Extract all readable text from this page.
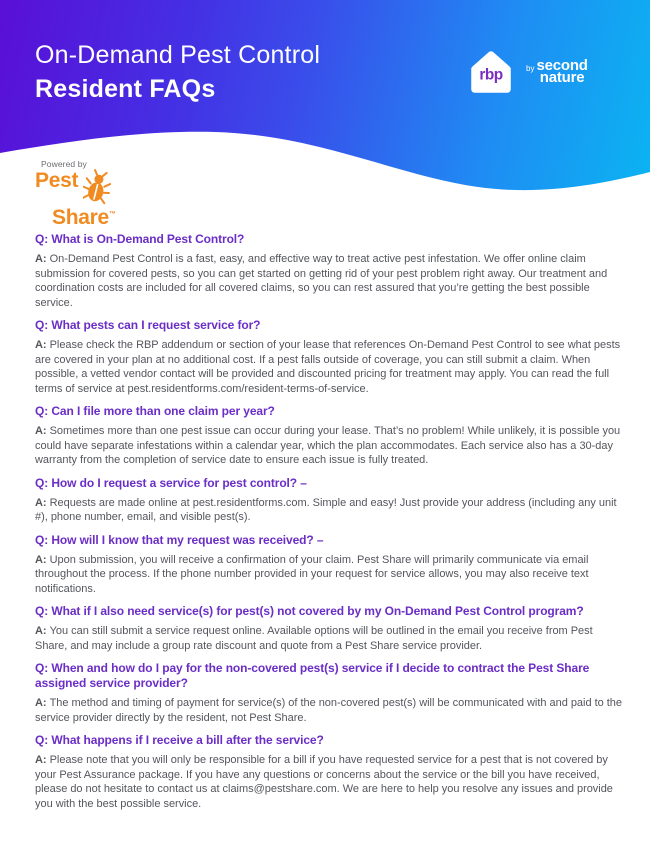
On-Demand Pest Control
Resident FAQs	rbp	by second
nature

Powered by

Pest

Share™

Q: What is On-Demand Pest Control?

A: On-Demand Pest Control is a fast, easy, and effective way to treat active pest infestation. We offer online claim submission for covered pests, so you can get started on getting rid of your pest problem right away. Our treatment and coordination costs are included for all covered claims, so you can rest assured that you’re getting the best possible service.

Q: What pests can I request service for?

A: Please check the RBP addendum or section of your lease that references On-Demand Pest Control to see what pests are covered in your plan at no additional cost. If a pest falls outside of coverage, you can still submit a claim. When possible, a vetted vendor contact will be provided and discounted pricing for treatment may apply. You can read the full terms of service at pest.residentforms.com/resident-terms-of-service.

Q: Can I file more than one claim per year?

A: Sometimes more than one pest issue can occur during your lease. That’s no problem! While unlikely, it is possible you could have separate infestations within a calendar year, which the plan accommodates. Each service also has a 30-day warranty from the completion of service date to ensure each issue is fully treated.

Q: How do I request a service for pest control? –

A: Requests are made online at pest.residentforms.com. Simple and easy! Just provide your address (including any unit #), phone number, email, and visible pest(s).

Q: How will I know that my request was received? –

A: Upon submission, you will receive a confirmation of your claim. Pest Share will primarily communicate via email throughout the process. If the phone number provided in your request for service allows, you may also receive text notifications.

Q: What if I also need service(s) for pest(s) not covered by my On-Demand Pest Control program?

A: You can still submit a service request online. Available options will be outlined in the email you receive from Pest Share, and may include a group rate discount and quote from a Pest Share service provider.

Q: When and how do I pay for the non-covered pest(s) service if I decide to contract the Pest Share assigned service provider?

A: The method and timing of payment for service(s) of the non-covered pest(s) will be communicated with and paid to the service provider directly by the resident, not Pest Share.

Q: What happens if I receive a bill after the service?

A: Please note that you will only be responsible for a bill if you have requested service for a pest that is not covered by your Pest Assurance package. If you have any questions or concerns about the service or the bill you have received, please do not hesitate to contact us at claims@pestshare.com. We are here to help you resolve any issues and provide you with the best possible service.
